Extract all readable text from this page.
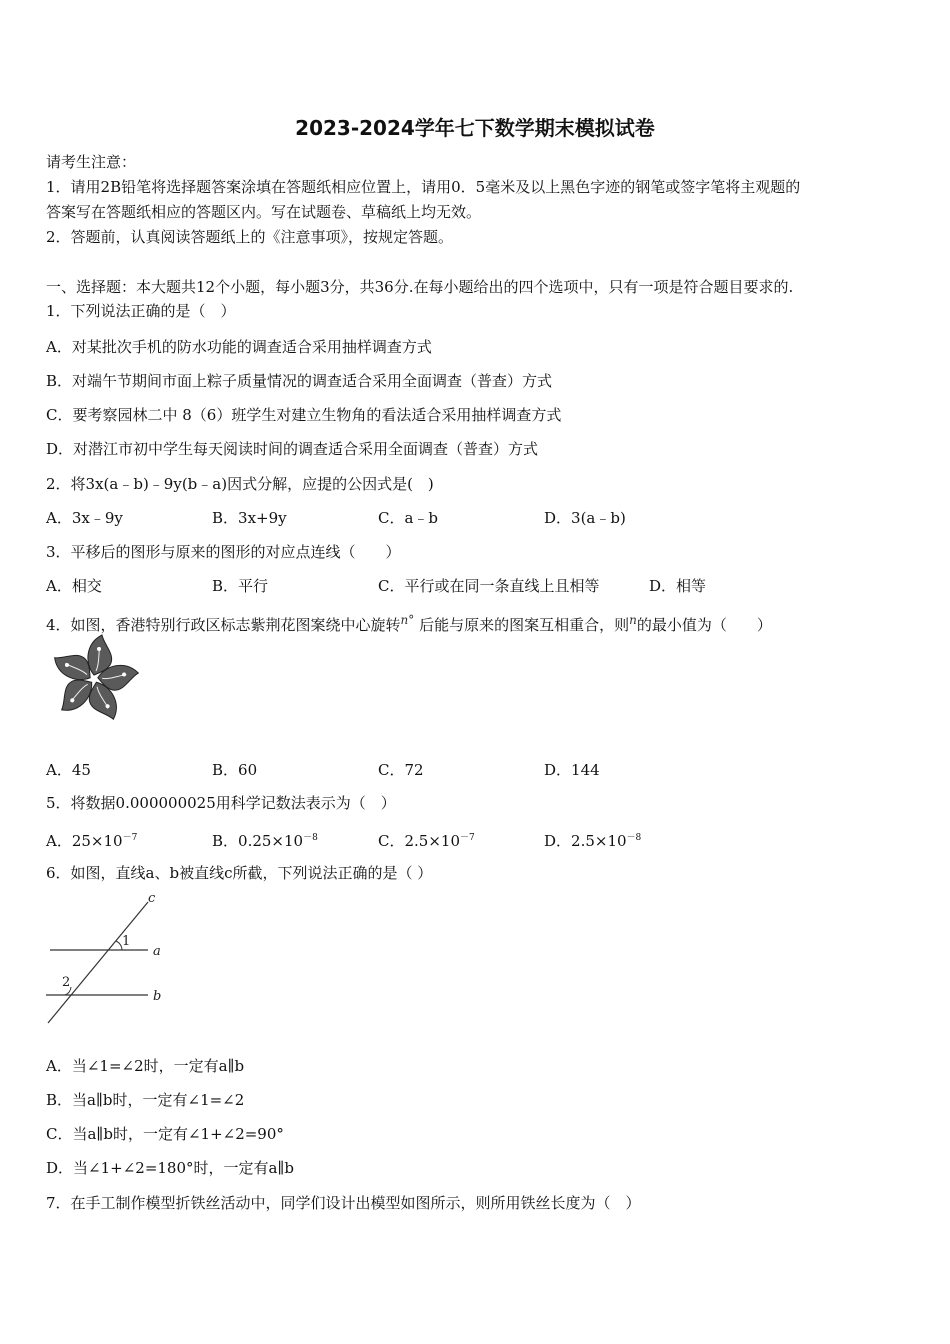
2023-2024学年七下数学期末模拟试卷
请考生注意：
1．请用2B铅笔将选择题答案涂填在答题纸相应位置上，请用0．5毫米及以上黑色字迹的钢笔或签字笔将主观题的
答案写在答题纸相应的答题区内。写在试题卷、草稿纸上均无效。
2．答题前，认真阅读答题纸上的《注意事项》，按规定答题。
一、选择题：本大题共12个小题，每小题3分，共36分.在每小题给出的四个选项中，只有一项是符合题目要求的.
1．下列说法正确的是（　）
A．对某批次手机的防水功能的调查适合采用抽样调查方式
B．对端午节期间市面上粽子质量情况的调查适合采用全面调查（普查）方式
C．要考察园林二中 8（6）班学生对建立生物角的看法适合采用抽样调查方式
D．对潜江市初中学生每天阅读时间的调查适合采用全面调查（普查）方式
2．将3x(a﹣b)﹣9y(b﹣a)因式分解，应提的公因式是(　)
A．3x﹣9y	B．3x+9y	C．a﹣b	D．3(a﹣b)
3．平移后的图形与原来的图形的对应点连线（　　）
A．相交	B．平行	C．平行或在同一条直线上且相等	D．相等
4．如图，香港特别行政区标志紫荆花图案绕中心旋转$^{n^\circ}$ 后能与原来的图案互相重合，则$^n$的最小值为（　　）
A．45	B．60	C．72	D．144
5．将数据0.000000025用科学记数法表示为（　）
A．$25\times 10^{-7}$	B．$0.25\times 10^{-8}$	C．$2.5\times 10^{-7}$	D．$2.5\times 10^{-8}$
6．如图，直线a、b被直线c所截，下列说法正确的是（ ）
c
a
b
1
2
A．当∠1=∠2时，一定有a∥b
B．当a∥b时，一定有∠1=∠2
C．当a∥b时，一定有∠1+∠2=90°
D．当∠1+∠2=180°时，一定有a∥b
7．在手工制作模型折铁丝活动中，同学们设计出模型如图所示，则所用铁丝长度为（　）
